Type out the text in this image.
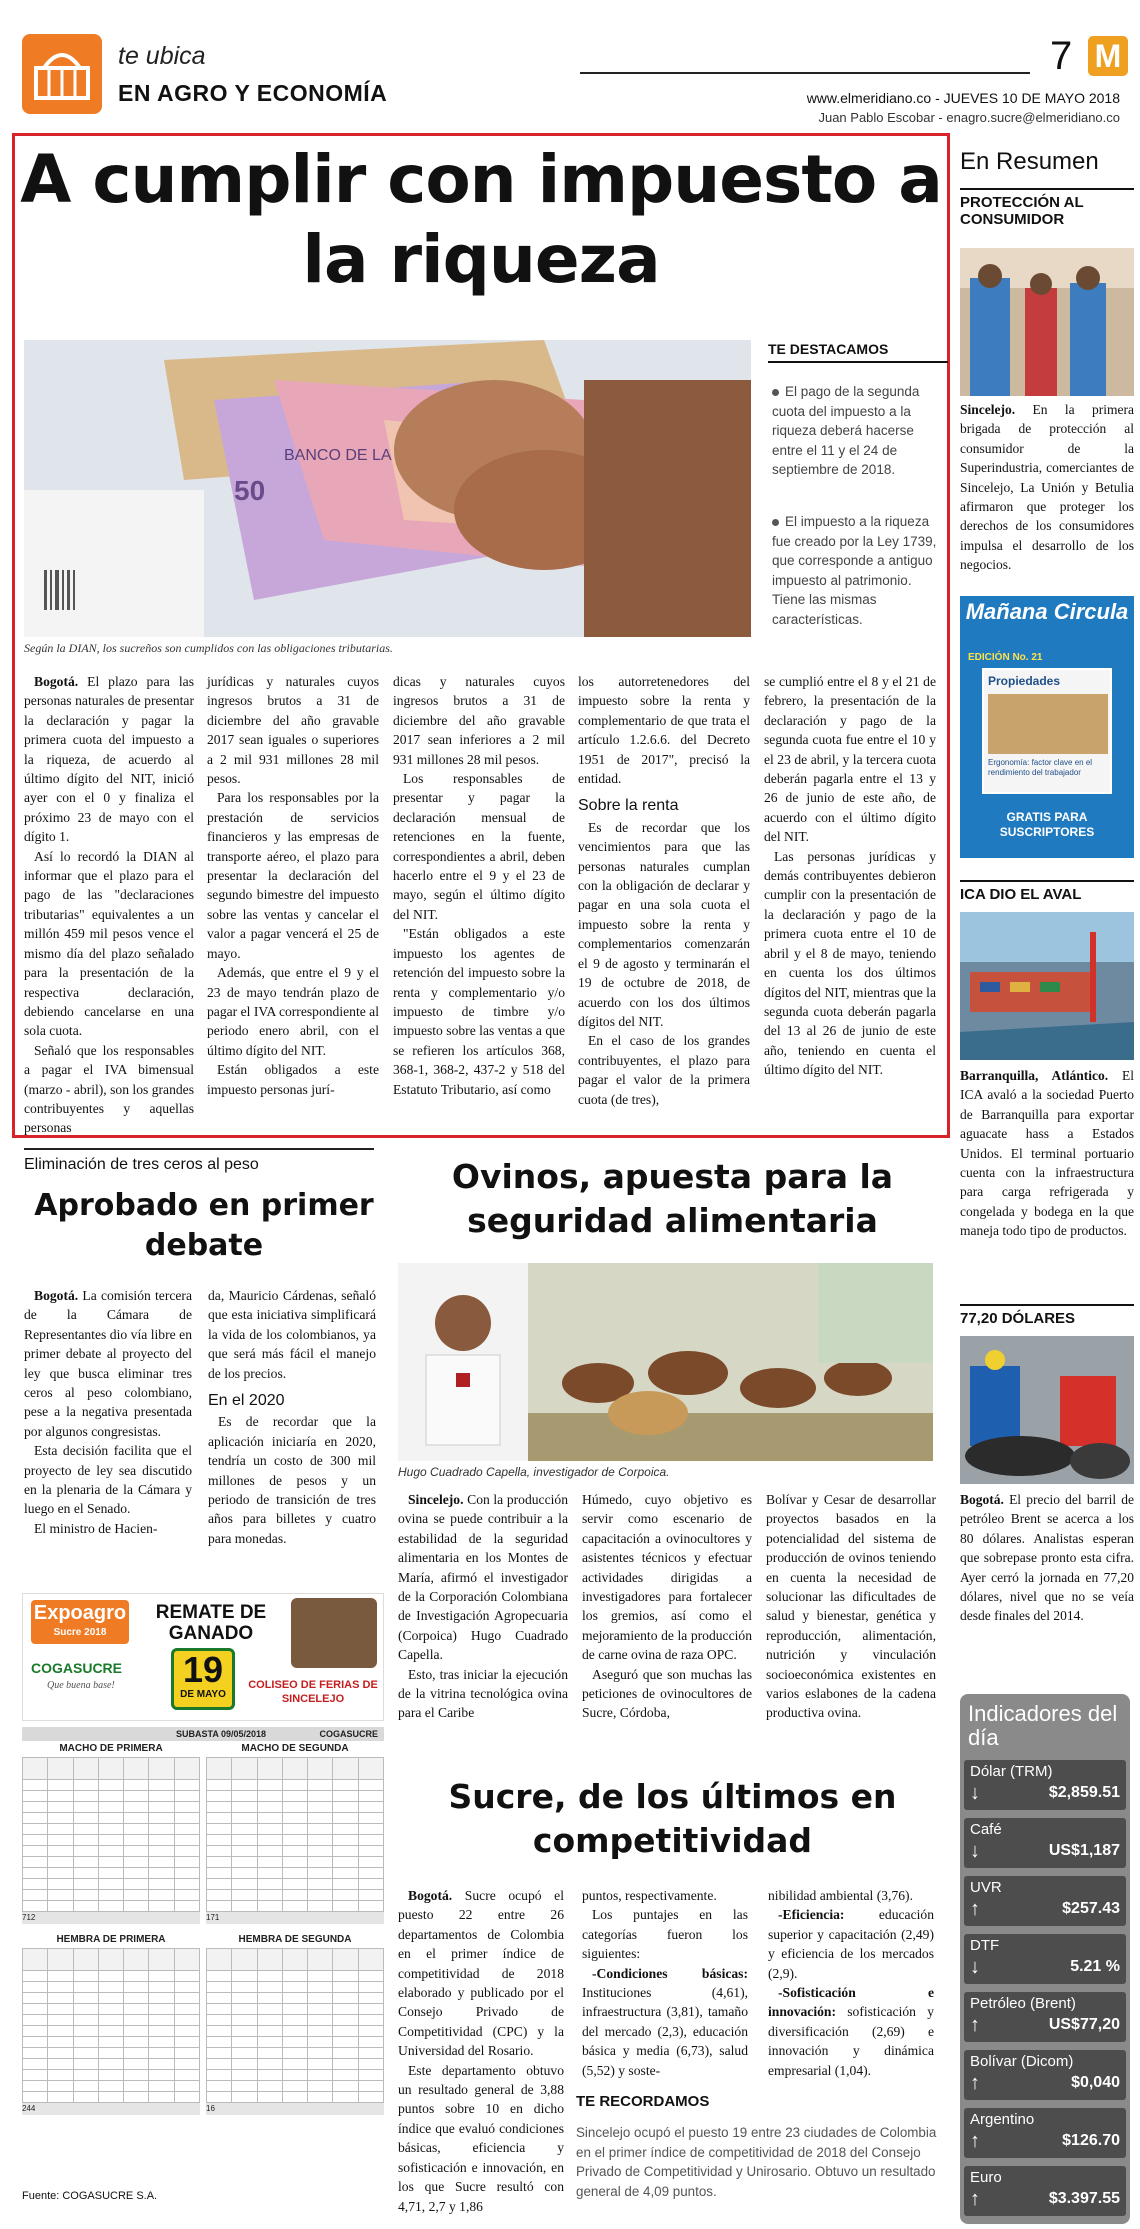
te ubica
EN AGRO Y ECONOMÍA
7 M
www.elmeridiano.co - JUEVES 10 DE MAYO 2018
Juan Pablo Escobar - enagro.sucre@elmeridiano.co
A cumplir con impuesto a la riqueza
50
BANCO DE LA
Según la DIAN, los sucreños son cumplidos con las obligaciones tributarias.
TE DESTACAMOS
El pago de la segunda cuota del impuesto a la riqueza deberá hacerse entre el 11 y el 24 de septiembre de 2018.
El impuesto a la riqueza fue creado por la Ley 1739, que corresponde a antiguo impuesto al patrimonio. Tiene las mismas características.

Bogotá. El plazo para las personas naturales de presentar la declaración y pagar la primera cuota del impuesto a la riqueza, de acuerdo al último dígito del NIT, inició ayer con el 0 y finaliza el próximo 23 de mayo con el dígito 1.

Así lo recordó la DIAN al informar que el plazo para el pago de las "declaraciones tributarias" equivalentes a un millón 459 mil pesos vence el mismo día del plazo señalado para la presentación de la respectiva declaración, debiendo cancelarse en una sola cuota.

Señaló que los responsables a pagar el IVA bimensual (marzo - abril), son los grandes contribuyentes y aquellas personas

jurídicas y naturales cuyos ingresos brutos a 31 de diciembre del año gravable 2017 sean iguales o superiores a 2 mil 931 millones 28 mil pesos.

Para los responsables por la prestación de servicios financieros y las empresas de transporte aéreo, el plazo para presentar la declaración del segundo bimestre del impuesto sobre las ventas y cancelar el valor a pagar vencerá el 25 de mayo.

Además, que entre el 9 y el 23 de mayo tendrán plazo de pagar el IVA correspondiente al periodo enero abril, con el último dígito del NIT.

Están obligados a este impuesto personas jurí-

dicas y naturales cuyos ingresos brutos a 31 de diciembre del año gravable 2017 sean inferiores a 2 mil 931 millones 28 mil pesos.

Los responsables de presentar y pagar la declaración mensual de retenciones en la fuente, correspondientes a abril, deben hacerlo entre el 9 y el 23 de mayo, según el último dígito del NIT.

"Están obligados a este impuesto los agentes de retención del impuesto sobre la renta y complementario y/o impuesto de timbre y/o impuesto sobre las ventas a que se refieren los artículos 368, 368-1, 368-2, 437-2 y 518 del Estatuto Tributario, así como

los autorretenedores del impuesto sobre la renta y complementario de que trata el artículo 1.2.6.6. del Decreto 1951 de 2017", precisó la entidad.

Sobre la renta

Es de recordar que los vencimientos para que las personas naturales cumplan con la obligación de declarar y pagar en una sola cuota el impuesto sobre la renta y complementarios comenzarán el 9 de agosto y terminarán el 19 de octubre de 2018, de acuerdo con los dos últimos dígitos del NIT.

En el caso de los grandes contribuyentes, el plazo para pagar el valor de la primera cuota (de tres),

se cumplió entre el 8 y el 21 de febrero, la presentación de la declaración y pago de la segunda cuota fue entre el 10 y el 23 de abril, y la tercera cuota deberán pagarla entre el 13 y 26 de junio de este año, de acuerdo con el último dígito del NIT.

Las personas jurídicas y demás contribuyentes debieron cumplir con la presentación de la declaración y pago de la primera cuota entre el 10 de abril y el 8 de mayo, teniendo en cuenta los dos últimos dígitos del NIT, mientras que la segunda cuota deberán pagarla del 13 al 26 de junio de este año, teniendo en cuenta el último dígito del NIT.

En Resumen
PROTECCIÓN AL CONSUMIDOR
Sincelejo. En la primera brigada de protección al consumidor de la Superindustria, comerciantes de Sincelejo, La Unión y Betulia afirmaron que proteger los derechos de los consumidores impulsa el desarrollo de los negocios.
Mañana Circula
EDICIÓN No. 21
Propiedades
Ergonomía: factor clave en el rendimiento del trabajador
GRATIS PARA SUSCRIPTORES
ICA DIO EL AVAL
Barranquilla, Atlántico. El ICA avaló a la sociedad Puerto de Barranquilla para exportar aguacate hass a Estados Unidos. El terminal portuario cuenta con la infraestructura para carga refrigerada y congelada y bodega en la que maneja todo tipo de productos.
77,20 DÓLARES
Bogotá. El precio del barril de petróleo Brent se acerca a los 80 dólares. Analistas esperan que sobrepase pronto esta cifra. Ayer cerró la jornada en 77,20 dólares, nivel que no se veía desde finales del 2014.
Eliminación de tres ceros al peso
Aprobado en primer debate

Bogotá. La comisión tercera de la Cámara de Representantes dio vía libre en primer debate al proyecto del ley que busca eliminar tres ceros al peso colombiano, pese a la negativa presentada por algunos congresistas.

Esta decisión facilita que el proyecto de ley sea discutido en la plenaria de la Cámara y luego en el Senado.

El ministro de Hacien-

da, Mauricio Cárdenas, señaló que esta iniciativa simplificará la vida de los colombianos, ya que será más fácil el manejo de los precios.

En el 2020

Es de recordar que la aplicación iniciaría en 2020, tendría un costo de 300 mil millones de pesos y un periodo de transición de tres años para billetes y cuatro para monedas.

Ovinos, apuesta para la seguridad alimentaria
Hugo Cuadrado Capella, investigador de Corpoica.

Sincelejo. Con la producción ovina se puede contribuir a la estabilidad de la seguridad alimentaria en los Montes de María, afirmó el investigador de la Corporación Colombiana de Investigación Agropecuaria (Corpoica) Hugo Cuadrado Capella.

Esto, tras iniciar la ejecución de la vitrina tecnológica ovina para el Caribe

Húmedo, cuyo objetivo es servir como escenario de capacitación a ovinocultores y asistentes técnicos y efectuar actividades dirigidas a investigadores para fortalecer los gremios, así como el mejoramiento de la producción de carne ovina de raza OPC.

Aseguró que son muchas las peticiones de ovinocultores de Sucre, Córdoba,

Bolívar y Cesar de desarrollar proyectos basados en la potencialidad del sistema de producción de ovinos teniendo en cuenta la necesidad de solucionar las dificultades de salud y bienestar, genética y reproducción, alimentación, nutrición y vinculación socioeconómica existentes en varios eslabones de la cadena productiva ovina.

Expoagro
Sucre 2018
REMATE DE GANADO
19
DE MAYO
COGASUCRE
Que buena base!	COLISEO DE FERIAS DE SINCELEJO
SUBASTA 09/05/2018	COGASUCRE
MACHO DE PRIMERA

712
MACHO DE SEGUNDA

171
HEMBRA DE PRIMERA

244
HEMBRA DE SEGUNDA

16
Fuente: COGASUCRE S.A.
Sucre, de los últimos en competitividad

Bogotá. Sucre ocupó el puesto 22 entre 26 departamentos de Colombia en el primer índice de competitividad de 2018 elaborado y publicado por el Consejo Privado de Competitividad (CPC) y la Universidad del Rosario.

Este departamento obtuvo un resultado general de 3,88 puntos sobre 10 en dicho índice que evaluó condiciones básicas, eficiencia y sofisticación e innovación, en los que Sucre resultó con 4,71, 2,7 y 1,86

puntos, respectivamente.

Los puntajes en las categorías fueron los siguientes:

-Condiciones básicas: Instituciones (4,61), infraestructura (3,81), tamaño del mercado (2,3), educación básica y media (6,73), salud (5,52) y soste-

nibilidad ambiental (3,76).

-Eficiencia:	educación superior y capacitación (2,49) y eficiencia de los mercados (2,9).

-Sofisticación e innovación: sofisticación y diversificación (2,69) e innovación y dinámica empresarial (1,04).

TE RECORDAMOS
Sincelejo ocupó el puesto 19 entre 23 ciudades de Colombia en el primer índice de competitividad de 2018 del Consejo Privado de Competitividad y Unirosario. Obtuvo un resultado general de 4,09 puntos.
Indicadores del día
Dólar (TRM)
↓	$2,859.51
Café
↓	US$1,187
UVR
↑	$257.43
DTF
↓	5.21 %
Petróleo (Brent)
↑	US$77,20
Bolívar (Dicom)
↑	$0,040
Argentino
↑	$126.70
Euro
↑	$3.397.55
